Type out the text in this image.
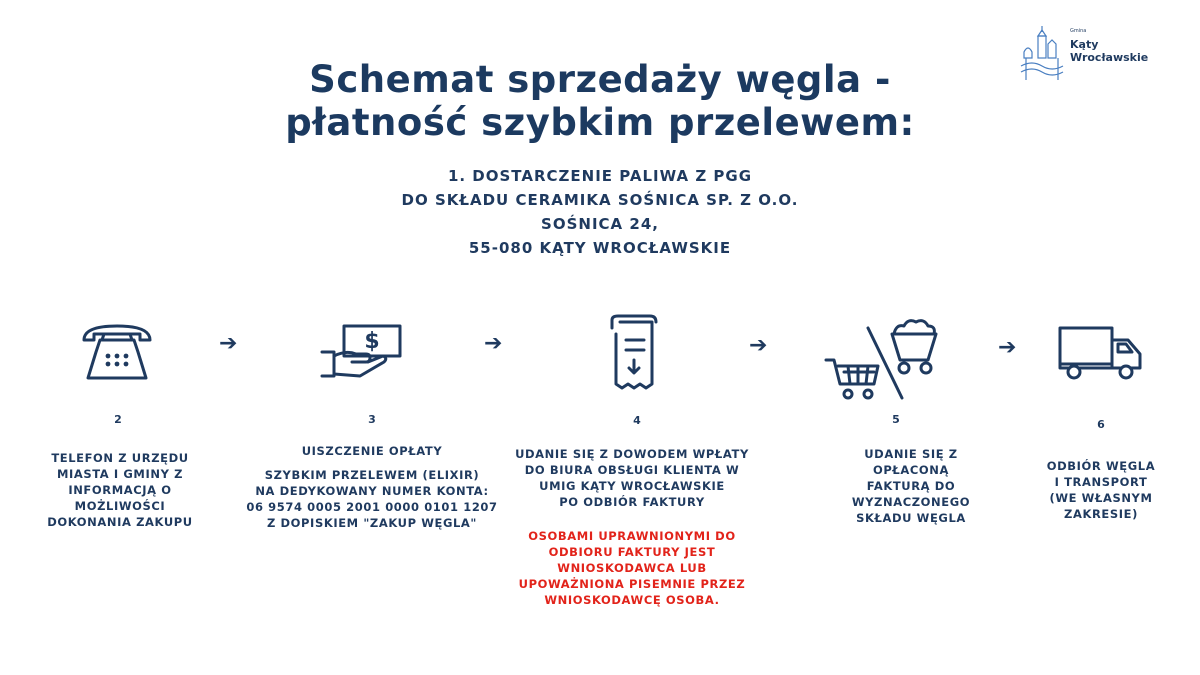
Schemat sprzedaży węgla -
płatność szybkim przelewem:
1. DOSTARCZENIE PALIWA Z PGG
DO SKŁADU CERAMIKA SOŚNICA SP. Z O.O.
SOŚNICA 24,
55-080 KĄTY WROCŁAWSKIE
Gmina
Kąty
Wrocławskie
$
➔	➔	➔	➔
2	3	4	5	6
TELEFON Z URZĘDU
MIASTA I GMINY Z
INFORMACJĄ O
MOŻLIWOŚCI
DOKONANIA ZAKUPU
UISZCZENIE OPŁATY
SZYBKIM PRZELEWEM (ELIXIR)
NA DEDYKOWANY NUMER KONTA:
06 9574 0005 2001 0000 0101 1207
Z DOPISKIEM "ZAKUP WĘGLA"
UDANIE SIĘ Z DOWODEM WPŁATY
DO BIURA OBSŁUGI KLIENTA W
UMIG KĄTY WROCŁAWSKIE
PO ODBIÓR FAKTURY
OSOBAMI UPRAWNIONYMI DO
ODBIORU FAKTURY JEST
WNIOSKODAWCA LUB
UPOWAŻNIONA PISEMNIE PRZEZ
WNIOSKODAWCĘ OSOBA.
UDANIE SIĘ Z
OPŁACONĄ
FAKTURĄ DO
WYZNACZONEGO
SKŁADU WĘGLA
ODBIÓR WĘGLA
I TRANSPORT
(WE WŁASNYM
ZAKRESIE)
